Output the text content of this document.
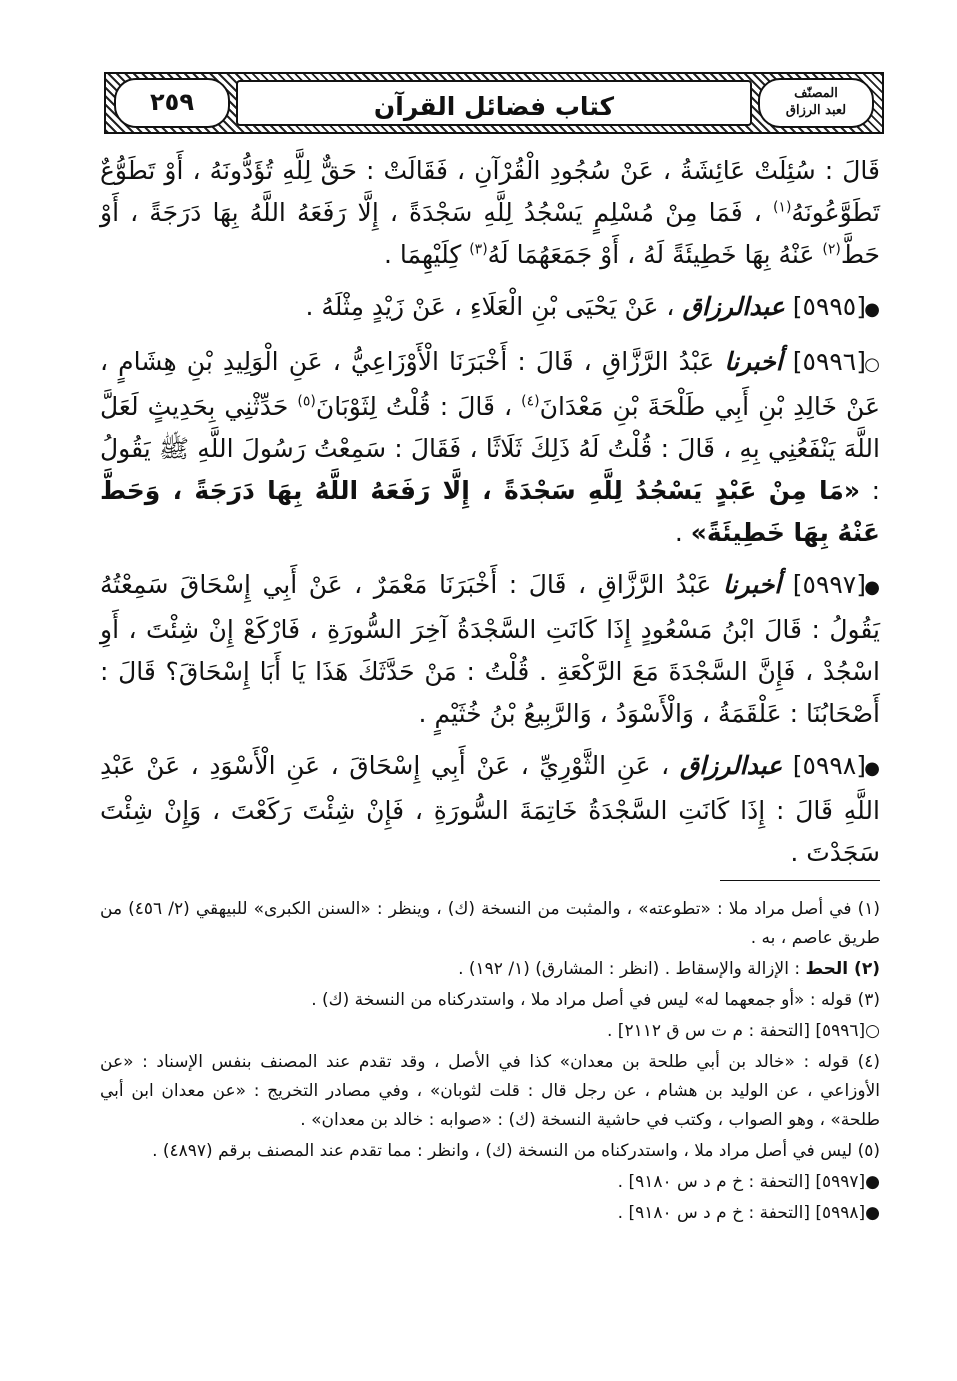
المصنّف
لعبد الرزاق
كتاب فضائل القرآن
٢٥٩

قَالَ : سُئِلَتْ عَائِشَةُ ، عَنْ سُجُودِ الْقُرْآنِ ، فَقَالَتْ : حَقٌّ لِلَّهِ تُؤَدُّونَهُ ، أَوْ تَطَوُّعٌ تَطَوَّعُونَهُ$^{(١)}$ ، فَمَا مِنْ مُسْلِمٍ يَسْجُدُ لِلَّهِ سَجْدَةً ، إِلَّا رَفَعَهُ اللَّهُ بِهَا دَرَجَةً ، أَوْ حَطَّ$^{(٢)}$ عَنْهُ بِهَا خَطِيئَةً لَهُ ، أَوْ جَمَعَهُمَا لَهُ$^{(٣)}$ كِلَيْهِمَا .

●[٥٩٩٥] عبدالرزاق ، عَنْ يَحْيَى بْنِ الْعَلَاءِ ، عَنْ زَيْدٍ مِثْلَهُ .

○[٥٩٩٦] أخبرنا عَبْدُ الرَّزَّاقِ ، قَالَ : أَخْبَرَنَا الْأَوْزَاعِيُّ ، عَنِ الْوَلِيدِ بْنِ هِشَامٍ ، عَنْ خَالِدِ بْنِ أَبِي طَلْحَةَ بْنِ مَعْدَانَ$^{(٤)}$ ، قَالَ : قُلْتُ لِثَوْبَانَ$^{(٥)}$ حَدِّثْنِي بِحَدِيثٍ لَعَلَّ اللَّهَ يَنْفَعُنِي بِهِ ، قَالَ : قُلْتُ لَهُ ذَلِكَ ثَلَاثًا ، فَقَالَ : سَمِعْتُ رَسُولَ اللَّهِ ﷺ يَقُولُ : «مَا مِنْ عَبْدٍ يَسْجُدُ لِلَّهِ سَجْدَةً ، إِلَّا رَفَعَهُ اللَّهُ بِهَا دَرَجَةً ، وَحَطَّ عَنْهُ بِهَا خَطِيئَةً» .

●[٥٩٩٧] أخبرنا عَبْدُ الرَّزَّاقِ ، قَالَ : أَخْبَرَنَا مَعْمَرٌ ، عَنْ أَبِي إِسْحَاقَ سَمِعْتُهُ يَقُولُ : قَالَ ابْنُ مَسْعُودٍ إِذَا كَانَتِ السَّجْدَةُ آخِرَ السُّورَةِ ، فَارْكَعْ إِنْ شِئْتَ ، أَوِ اسْجُدْ ، فَإِنَّ السَّجْدَةَ مَعَ الرَّكْعَةِ . قُلْتُ : مَنْ حَدَّثَكَ هَذَا يَا أَبَا إِسْحَاقَ؟ قَالَ : أَصْحَابُنَا : عَلْقَمَةُ ، وَالْأَسْوَدُ ، وَالرَّبِيعُ بْنُ خُثَيْمٍ .

●[٥٩٩٨] عبدالرزاق ، عَنِ الثَّوْرِيِّ ، عَنْ أَبِي إِسْحَاقَ ، عَنِ الْأَسْوَدِ ، عَنْ عَبْدِ اللَّهِ قَالَ : إِذَا كَانَتِ السَّجْدَةُ خَاتِمَةَ السُّورَةِ ، فَإِنْ شِئْتَ رَكَعْتَ ، وَإِنْ شِئْتَ سَجَدْتَ .

(١) في أصل مراد ملا : «تطوعته» ، والمثبت من النسخة (ك) ، وينظر : «السنن الكبرى» للبيهقي (٢/ ٤٥٦) من طريق عاصم ، به .

(٢) الحط : الإزالة والإسقاط . (انظر : المشارق) (١/ ١٩٢) .

(٣) قوله : «أو جمعهما له» ليس في أصل مراد ملا ، واستدركناه من النسخة (ك) .

○[٥٩٩٦] [التحفة : م ت س ق ٢١١٢] .

(٤) قوله : «خالد بن أبي طلحة بن معدان» كذا في الأصل ، وقد تقدم عند المصنف بنفس الإسناد : «عن الأوزاعي ، عن الوليد بن هشام ، عن رجل قال : قلت لثوبان» ، وفي مصادر التخريج : «عن معدان ابن أبي طلحة» ، وهو الصواب ، وكتب في حاشية النسخة (ك) : «صوابه : خالد بن معدان» .

(٥) ليس في أصل مراد ملا ، واستدركناه من النسخة (ك) ، وانظر : مما تقدم عند المصنف برقم (٤٨٩٧) .

●[٥٩٩٧] [التحفة : خ م د س ٩١٨٠] .

●[٥٩٩٨] [التحفة : خ م د س ٩١٨٠] .
